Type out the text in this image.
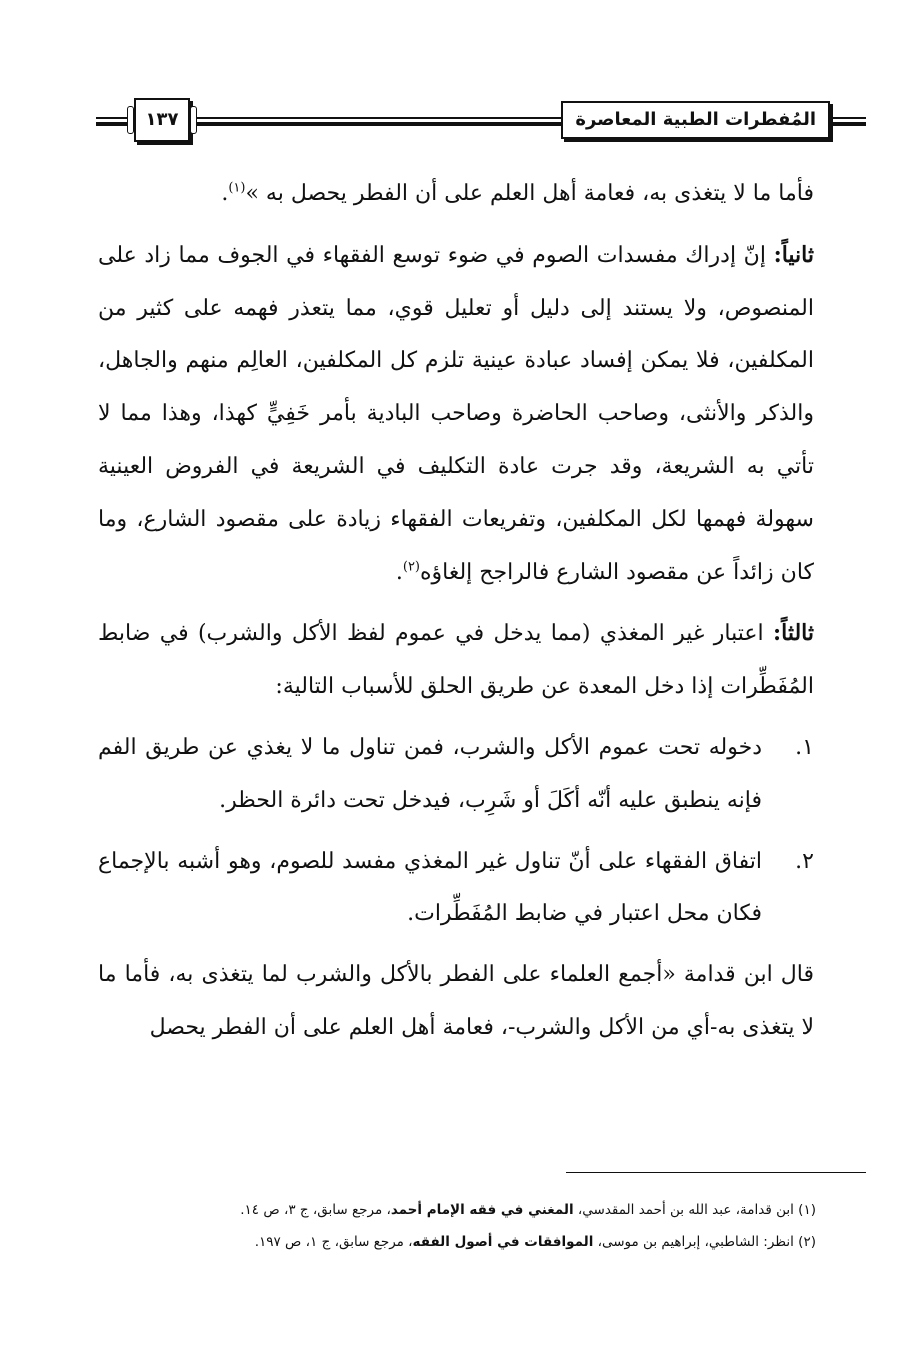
المُفطرات الطبية المعاصرة
١٣٧

فأما ما لا يتغذى به، فعامة أهل العلم على أن الفطر يحصل به »$^{(١)}$.

ثانياً: إنّ إدراك مفسدات الصوم في ضوء توسع الفقهاء في الجوف مما زاد على المنصوص، ولا يستند إلى دليل أو تعليل قوي، مما يتعذر فهمه على كثير من المكلفين، فلا يمكن إفساد عبادة عينية تلزم كل المكلفين، العالِم منهم والجاهل، والذكر والأنثى، وصاحب الحاضرة وصاحب البادية بأمر خَفِيٍّ كهذا، وهذا مما لا تأتي به الشريعة، وقد جرت عادة التكليف في الشريعة في الفروض العينية سهولة فهمها لكل المكلفين، وتفريعات الفقهاء زيادة على مقصود الشارع، وما كان زائداً عن مقصود الشارع فالراجح إلغاؤه$^{(٢)}$.

ثالثاً: اعتبار غير المغذي (مما يدخل في عموم لفظ الأكل والشرب) في ضابط المُفَطِّرات إذا دخل المعدة عن طريق الحلق للأسباب التالية:

١.
دخوله تحت عموم الأكل والشرب، فمن تناول ما لا يغذي عن طريق الفم فإنه ينطبق عليه أنّه أكَلَ أو شَرِب، فيدخل تحت دائرة الحظر.
٢.
اتفاق الفقهاء على أنّ تناول غير المغذي مفسد للصوم، وهو أشبه بالإجماع فكان محل اعتبار في ضابط المُفَطِّرات.

قال ابن قدامة «أجمع العلماء على الفطر بالأكل والشرب لما يتغذى به، فأما ما لا يتغذى به-أي من الأكل والشرب-، فعامة أهل العلم على أن الفطر يحصل

(١) ابن قدامة، عبد الله بن أحمد المقدسي، المغني في فقه الإمام أحمد، مرجع سابق، ج ٣، ص ١٤.

(٢) انظر: الشاطبي، إبراهيم بن موسى، الموافقات في أصول الفقه، مرجع سابق، ج ١، ص ١٩٧.
